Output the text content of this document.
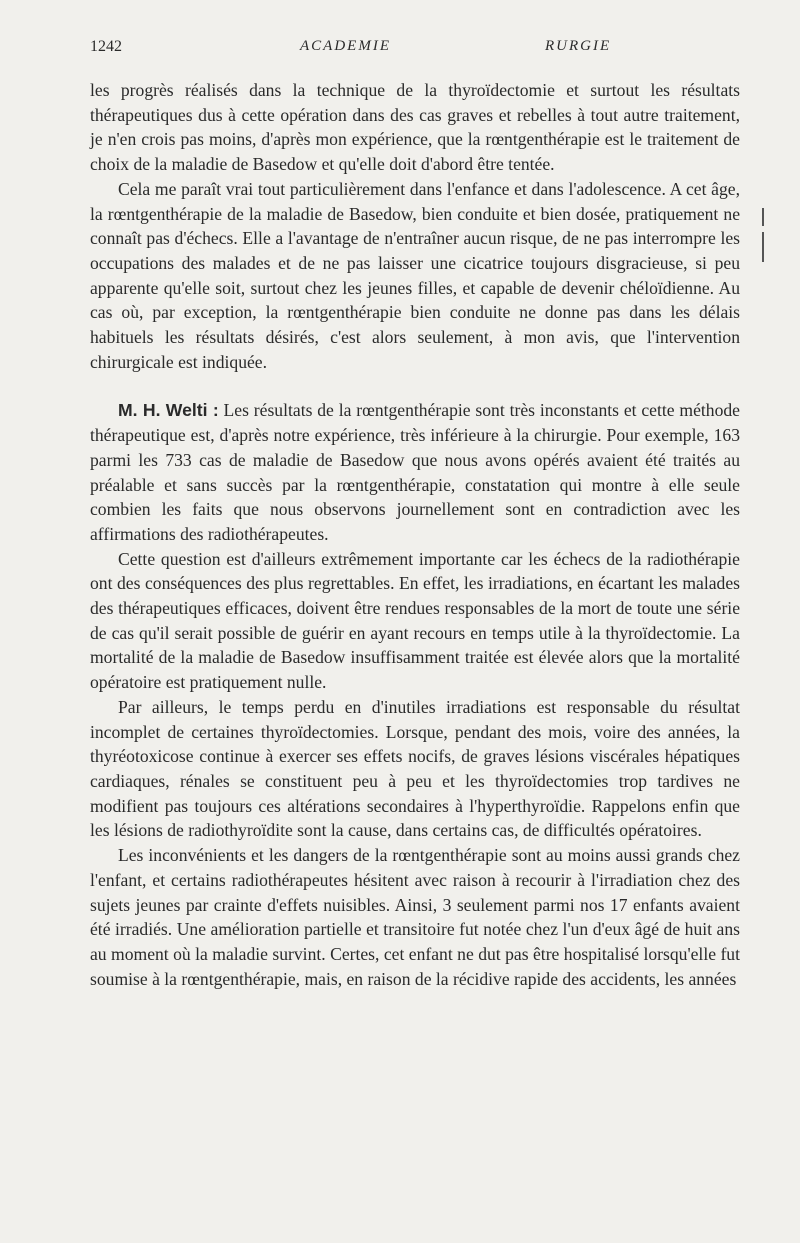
1242	ACADEMIE	RURGIE

les progrès réalisés dans la technique de la thyroïdectomie et surtout les résultats thérapeutiques dus à cette opération dans des cas graves et rebelles à tout autre traitement, je n'en crois pas moins, d'après mon expérience, que la rœntgenthérapie est le traitement de choix de la maladie de Basedow et qu'elle doit d'abord être tentée.

Cela me paraît vrai tout particulièrement dans l'enfance et dans l'adolescence. A cet âge, la rœntgenthérapie de la maladie de Basedow, bien conduite et bien dosée, pratiquement ne connaît pas d'échecs. Elle a l'avantage de n'entraîner aucun risque, de ne pas interrompre les occupations des malades et de ne pas laisser une cicatrice toujours disgracieuse, si peu apparente qu'elle soit, surtout chez les jeunes filles, et capable de devenir chéloïdienne. Au cas où, par exception, la rœntgenthérapie bien conduite ne donne pas dans les délais habituels les résultats désirés, c'est alors seulement, à mon avis, que l'intervention chirurgicale est indiquée.

M. H. Welti : Les résultats de la rœntgenthérapie sont très inconstants et cette méthode thérapeutique est, d'après notre expérience, très inférieure à la chirurgie. Pour exemple, 163 parmi les 733 cas de maladie de Basedow que nous avons opérés avaient été traités au préalable et sans succès par la rœntgenthérapie, constatation qui montre à elle seule combien les faits que nous observons journellement sont en contradiction avec les affirmations des radiothérapeutes.

Cette question est d'ailleurs extrêmement importante car les échecs de la radiothérapie ont des conséquences des plus regrettables. En effet, les irradiations, en écartant les malades des thérapeutiques efficaces, doivent être rendues responsables de la mort de toute une série de cas qu'il serait possible de guérir en ayant recours en temps utile à la thyroïdectomie. La mortalité de la maladie de Basedow insuffisamment traitée est élevée alors que la mortalité opératoire est pratiquement nulle.

Par ailleurs, le temps perdu en d'inutiles irradiations est responsable du résultat incomplet de certaines thyroïdectomies. Lorsque, pendant des mois, voire des années, la thyréotoxicose continue à exercer ses effets nocifs, de graves lésions viscérales hépatiques cardiaques, rénales se constituent peu à peu et les thyroïdectomies trop tardives ne modifient pas toujours ces altérations secondaires à l'hyperthyroïdie. Rappelons enfin que les lésions de radiothyroïdite sont la cause, dans certains cas, de difficultés opératoires.

Les inconvénients et les dangers de la rœntgenthérapie sont au moins aussi grands chez l'enfant, et certains radiothérapeutes hésitent avec raison à recourir à l'irradiation chez des sujets jeunes par crainte d'effets nuisibles. Ainsi, 3 seulement parmi nos 17 enfants avaient été irradiés. Une amélioration partielle et transitoire fut notée chez l'un d'eux âgé de huit ans au moment où la maladie survint. Certes, cet enfant ne dut pas être hospitalisé lorsqu'elle fut soumise à la rœntgenthérapie, mais, en raison de la récidive rapide des accidents, les années
